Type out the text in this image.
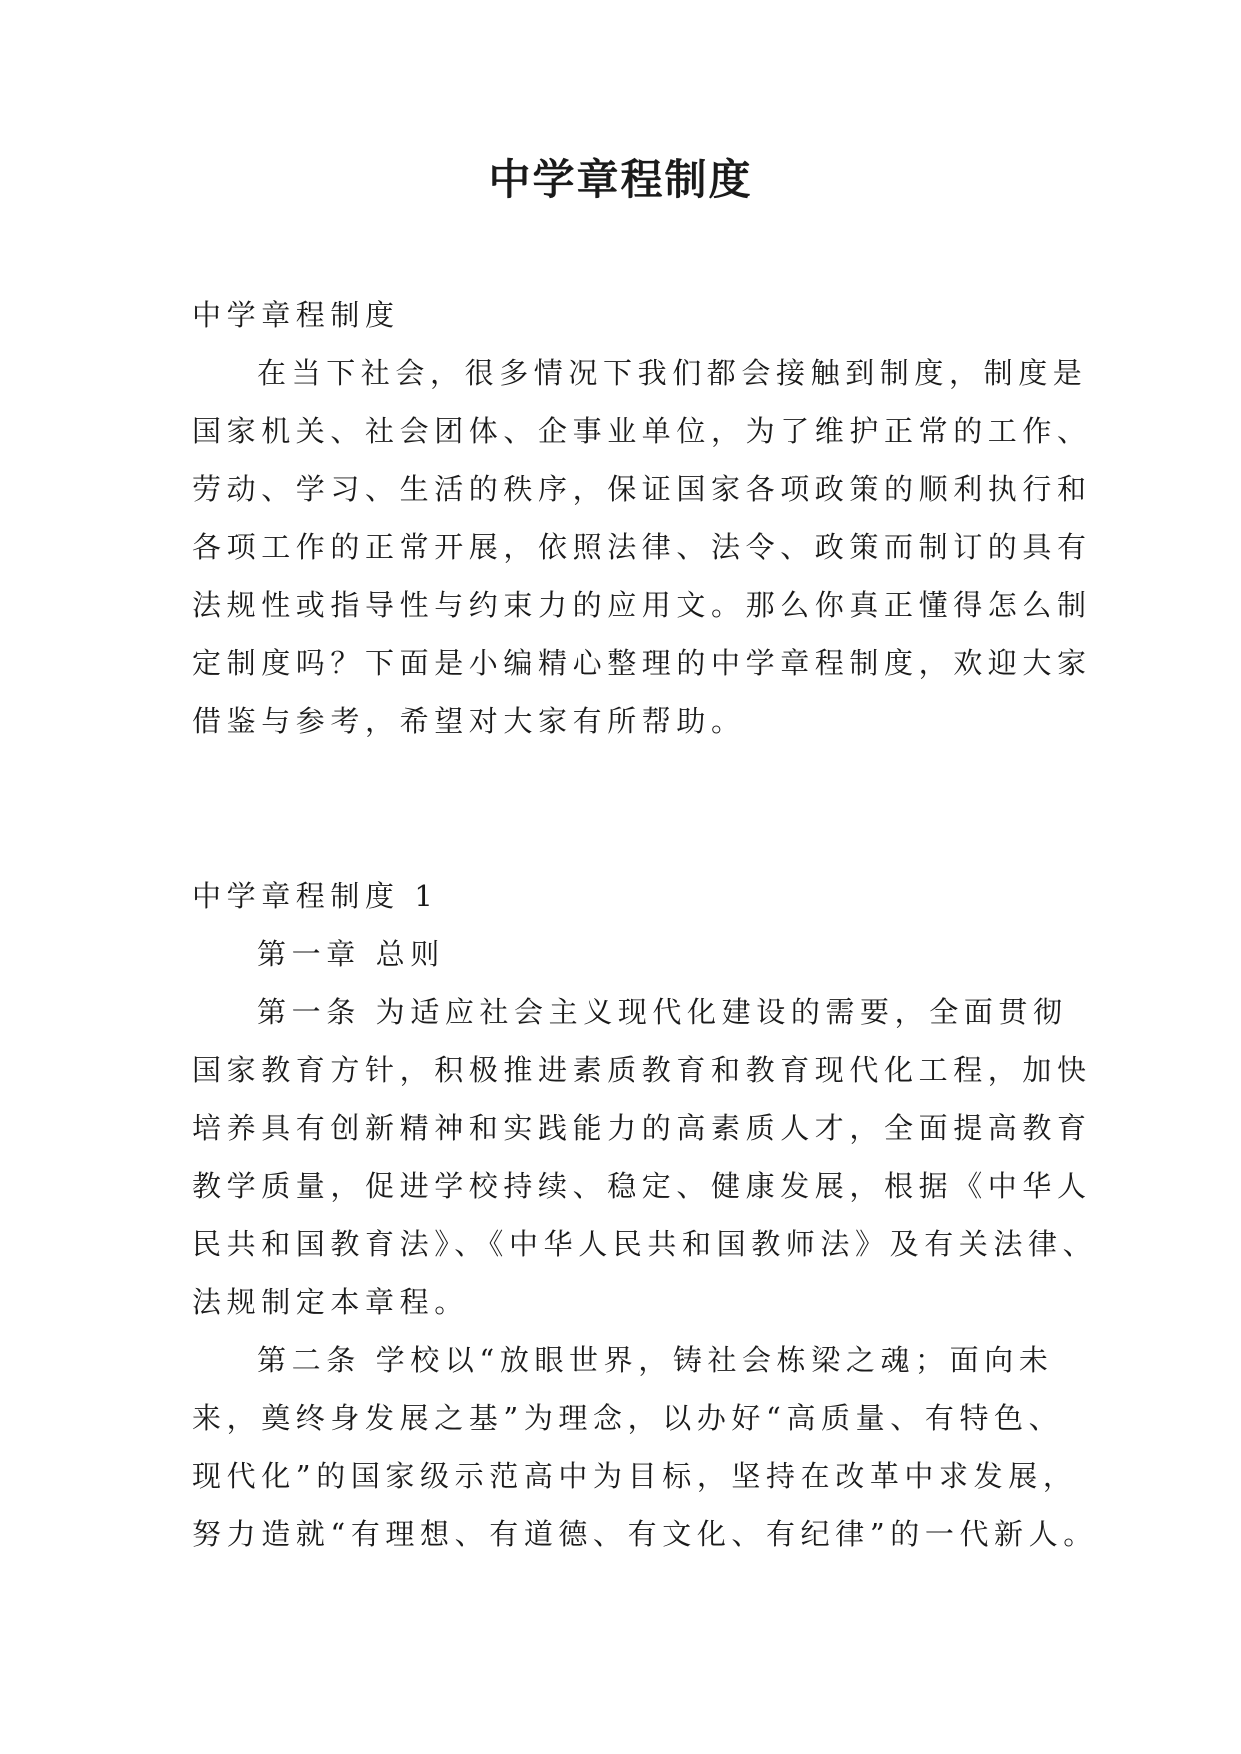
中学章程制度
中学章程制度
在当下社会，很多情况下我们都会接触到制度，制度是
国家机关、社会团体、企事业单位，为了维护正常的工作、
劳动、学习、生活的秩序，保证国家各项政策的顺利执行和
各项工作的正常开展，依照法律、法令、政策而制订的具有
法规性或指导性与约束力的应用文。那么你真正懂得怎么制
定制度吗？下面是小编精心整理的中学章程制度，欢迎大家
借鉴与参考，希望对大家有所帮助。
中学章程制度 1
第一章 总则
第一条 为适应社会主义现代化建设的需要，全面贯彻
国家教育方针，积极推进素质教育和教育现代化工程，加快
培养具有创新精神和实践能力的高素质人才，全面提高教育
教学质量，促进学校持续、稳定、健康发展，根据《中华人
民共和国教育法》、《中华人民共和国教师法》及有关法律、
法规制定本章程。
第二条 学校以“放眼世界，铸社会栋梁之魂；面向未
来，奠终身发展之基”为理念，以办好“高质量、有特色、
现代化”的国家级示范高中为目标，坚持在改革中求发展，
努力造就“有理想、有道德、有文化、有纪律”的一代新人。
